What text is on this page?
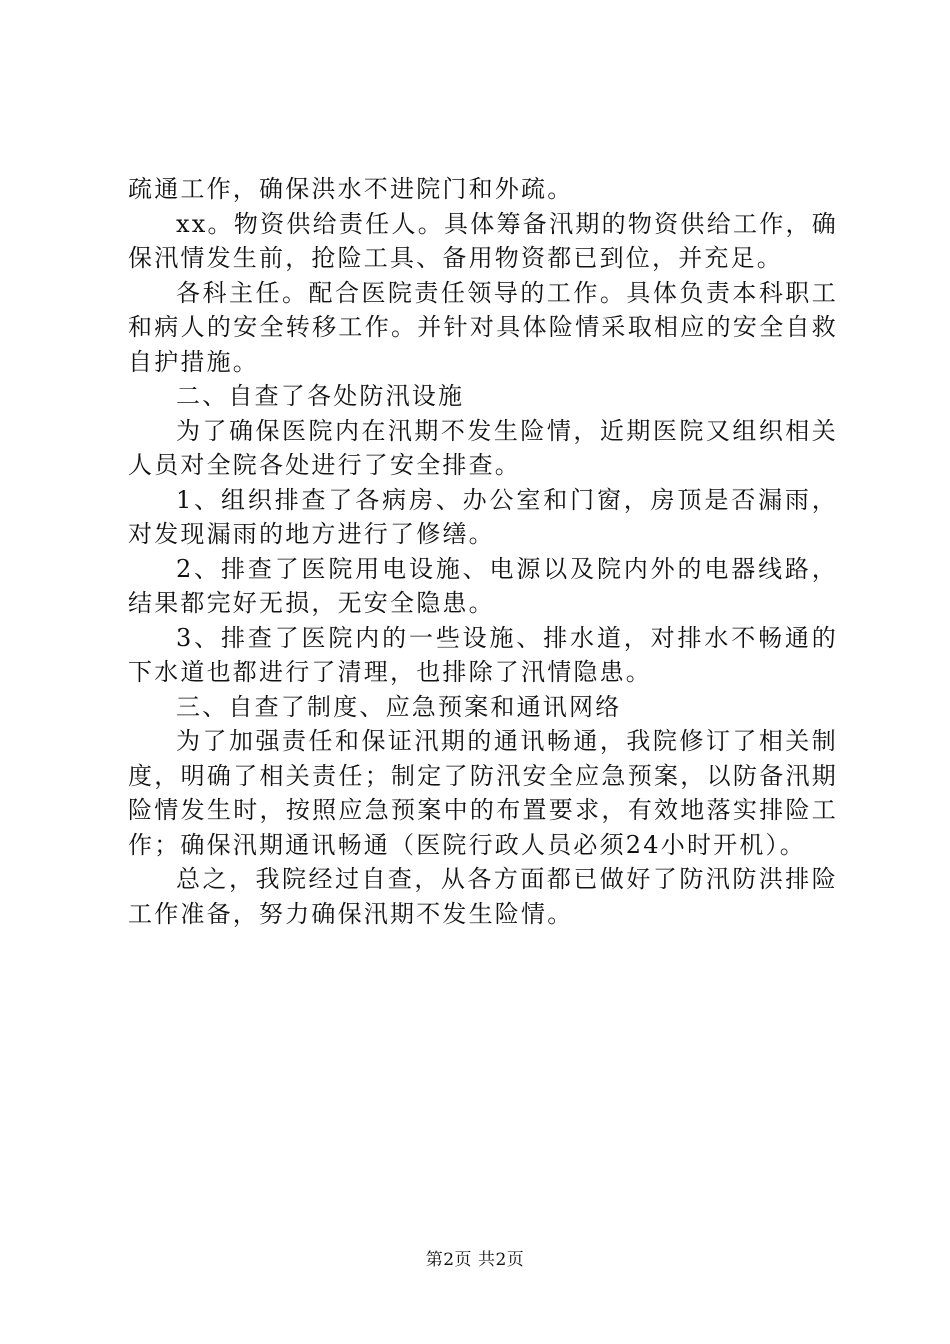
疏通工作，确保洪水不进院门和外疏。

xx。物资供给责任人。具体筹备汛期的物资供给工作，确保汛情发生前，抢险工具、备用物资都已到位，并充足。

各科主任。配合医院责任领导的工作。具体负责本科职工和病人的安全转移工作。并针对具体险情采取相应的安全自救自护措施。

二、自查了各处防汛设施

为了确保医院内在汛期不发生险情，近期医院又组织相关人员对全院各处进行了安全排查。

1、组织排查了各病房、办公室和门窗，房顶是否漏雨，对发现漏雨的地方进行了修缮。

2、排查了医院用电设施、电源以及院内外的电器线路，结果都完好无损，无安全隐患。

3、排查了医院内的一些设施、排水道，对排水不畅通的下水道也都进行了清理，也排除了汛情隐患。

三、自查了制度、应急预案和通讯网络

为了加强责任和保证汛期的通讯畅通，我院修订了相关制度，明确了相关责任；制定了防汛安全应急预案，以防备汛期险情发生时，按照应急预案中的布置要求，有效地落实排险工作；确保汛期通讯畅通（医院行政人员必须24小时开机）。

总之，我院经过自查，从各方面都已做好了防汛防洪排险工作准备，努力确保汛期不发生险情。

第2页 共2页
